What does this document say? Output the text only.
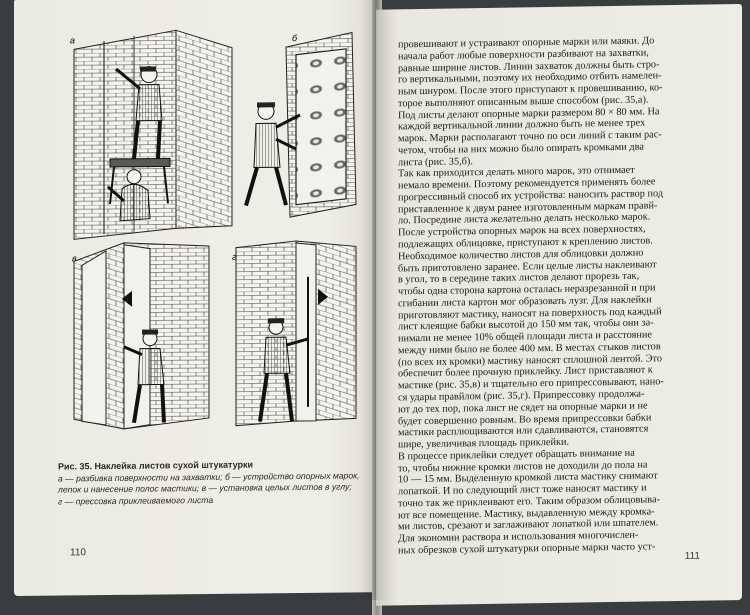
а	б
в	г
Рис. 35. Наклейка листов сухой штукатурки

а — разбивка поверхности на захватки; б — устройство опорных марок,
лепок и нанесение полос мастики; в — установка целых листов в углу;
г — прессовка приклеиваемого листа
110
провешивают и устраивают опорные марки или маяки. До
начала работ любые поверхности разбивают на захватки,
равные ширине листов. Линии захваток должны быть стро-
го вертикальными, поэтому их необходимо отбить намелен-
ным шнуром. После этого приступают к провешиванию, ко-
торое выполняют описанным выше способом (рис. 35,а).
Под листы делают опорные марки размером 80 × 80 мм. На
каждой вертикальной линии должно быть не менее трех
марок. Марки располагают точно по оси линий с таким рас-
четом, чтобы на них можно было опирать кромками два
листа (рис. 35,б).
Так как приходится делать много марок, это отнимает
немало времени. Поэтому рекомендуется применять более
прогрессивный способ их устройства: наносить раствор под
приставленное к двум ранее изготовленным маркам правй-
ло. Посредине листа желательно делать несколько марок.
После устройства опорных марок на всех поверхностях,
подлежащих облицовке, приступают к креплению листов.
Необходимое количество листов для облицовки должно
быть приготовлено заранее. Если целые листы наклеивают
в угол, то в середине таких листов делают прорезь так,
чтобы одна сторона картона осталась неразрезанной и при
сгибании листа картон мог образовать лузг. Для наклейки
приготовляют мастику, наносят на поверхность под каждый
лист клеящие бабки высотой до 150 мм так, чтобы они за-
нимали не менее 10% общей площади листа и расстояние
между ними было не более 400 мм. В местах стыков листов
(по всех их кромки) мастику наносят сплошной лентой. Это
обеспечит более прочную приклейку. Лист приставляют к
мастике (рис. 35,в) и тщательно его припрессовывают, нано-
ся удары правйлом (рис. 35,г). Припрессовку продолжа-
ют до тех пор, пока лист не сядет на опорные марки и не
будет совершенно ровным. Во время припрессовки бабки
мастики расплющиваются или сдавливаются, становятся
шире, увеличивая площадь приклейки.
В процессе приклейки следует обращать внимание на
то, чтобы нижние кромки листов не доходили до пола на
10 — 15 мм. Выделенную кромкой листа мастику снимают
лопаткой. И по следующий лист тоже наносят мастику и
точно так же приклеивают его. Таким образом облицовыва-
ют все помещение. Мастику, выдавленную между кромка-
ми листов, срезают и заглаживают лопаткой или шпателем.
Для экономии раствора и использования многочислен-
ных обрезков сухой штукатурки опорные марки часто уст-	111
